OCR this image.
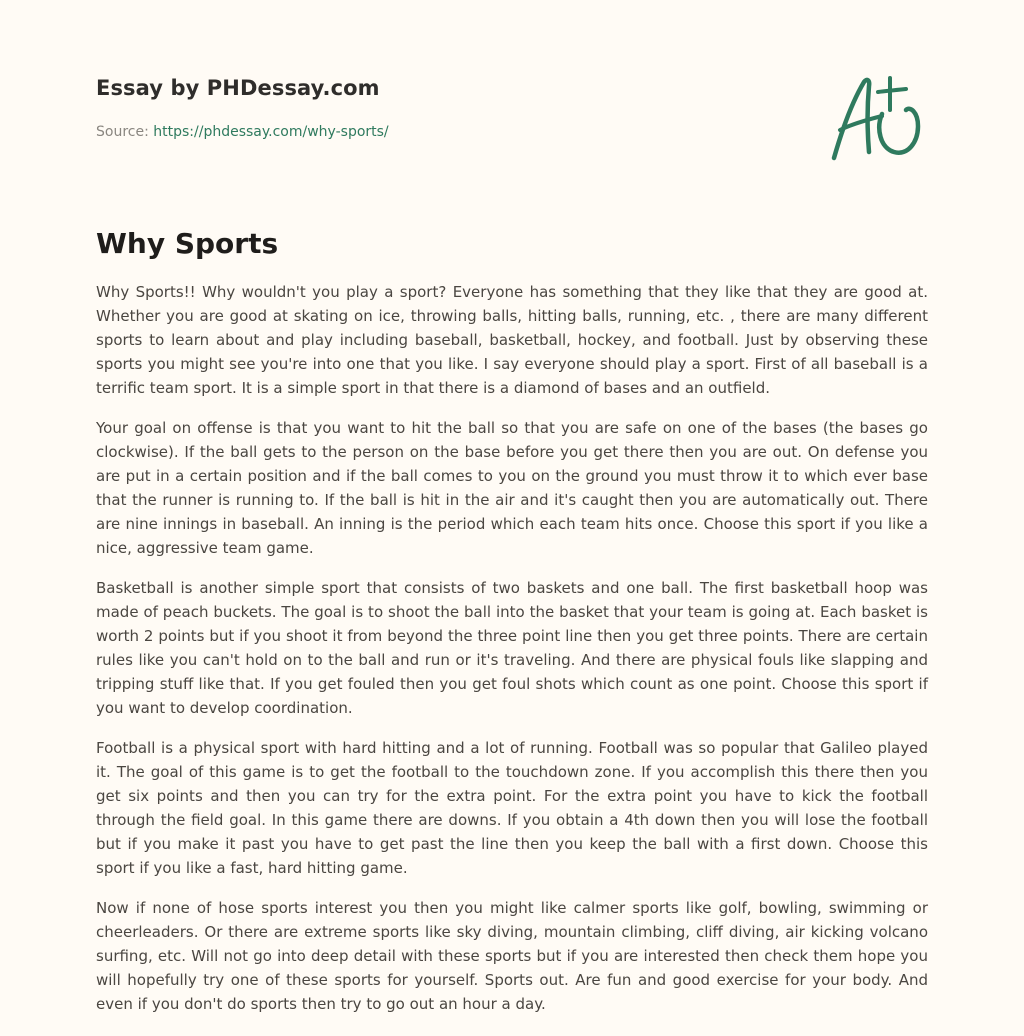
Essay by PHDessay.com
Source: https://phdessay.com/why-sports/
Why Sports

Why Sports!! Why wouldn't you play a sport? Everyone has something that they like that they are good at. Whether you are good at skating on ice, throwing balls, hitting balls, running, etc. , there are many different sports to learn about and play including baseball, basketball, hockey, and football. Just by observing these sports you might see you're into one that you like. I say everyone should play a sport. First of all baseball is a terrific team sport. It is a simple sport in that there is a diamond of bases and an outfield.

Your goal on offense is that you want to hit the ball so that you are safe on one of the bases (the bases go clockwise). If the ball gets to the person on the base before you get there then you are out. On defense you are put in a certain position and if the ball comes to you on the ground you must throw it to which ever base that the runner is running to. If the ball is hit in the air and it's caught then you are automatically out. There are nine innings in baseball. An inning is the period which each team hits once. Choose this sport if you like a nice, aggressive team game.

Basketball is another simple sport that consists of two baskets and one ball. The first basketball hoop was made of peach buckets. The goal is to shoot the ball into the basket that your team is going at. Each basket is worth 2 points but if you shoot it from beyond the three point line then you get three points. There are certain rules like you can't hold on to the ball and run or it's traveling. And there are physical fouls like slapping and tripping stuff like that. If you get fouled then you get foul shots which count as one point. Choose this sport if you want to develop coordination.

Football is a physical sport with hard hitting and a lot of running. Football was so popular that Galileo played it. The goal of this game is to get the football to the touchdown zone. If you accomplish this there then you get six points and then you can try for the extra point. For the extra point you have to kick the football through the field goal. In this game there are downs. If you obtain a 4th down then you will lose the football but if you make it past you have to get past the line then you keep the ball with a first down. Choose this sport if you like a fast, hard hitting game.

Now if none of hose sports interest you then you might like calmer sports like golf, bowling, swimming or cheerleaders. Or there are extreme sports like sky diving, mountain climbing, cliff diving, air kicking volcano surfing, etc. Will not go into deep detail with these sports but if you are interested then check them hope you will hopefully try one of these sports for yourself. Sports out. Are fun and good exercise for your body. And even if you don't do sports then try to go out an hour a day.
